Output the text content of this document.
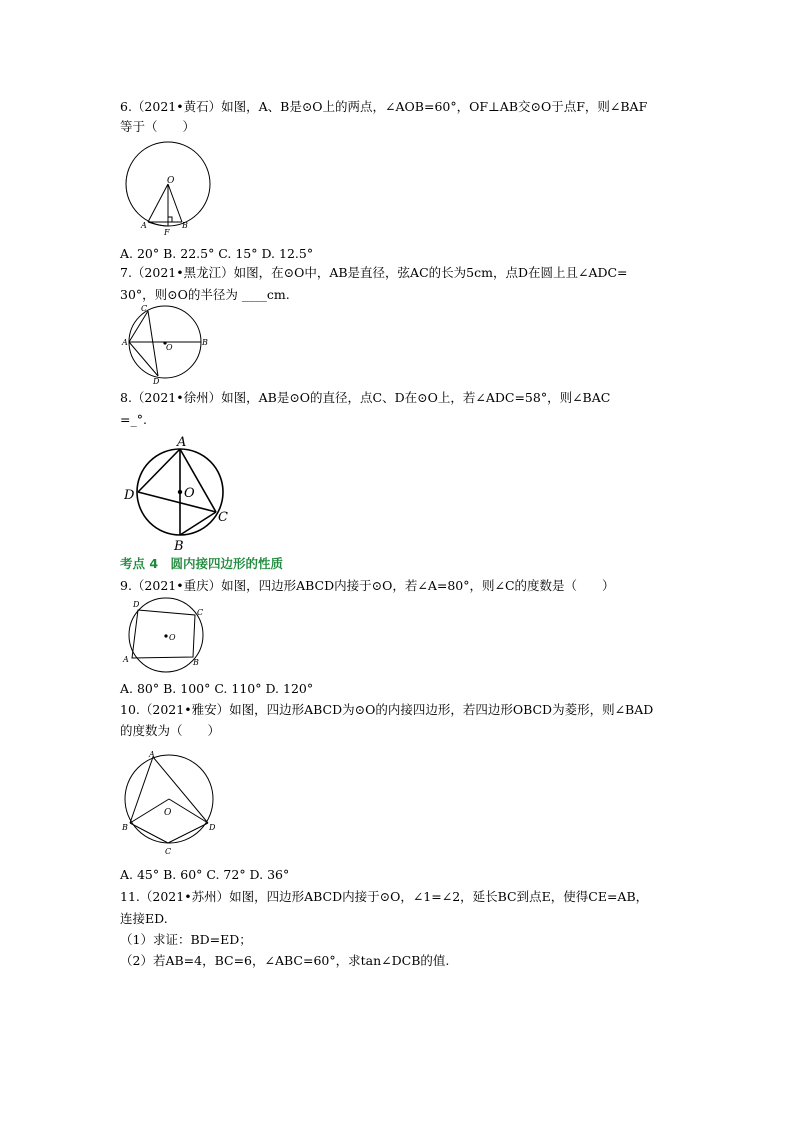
6.（2021•黄石）如图，A、B是⊙O上的两点，∠AOB=60°，OF⊥AB交⊙O于点F，则∠BAF
等于（　　）
O
A
F
B
A. 20° B. 22.5° C. 15° D. 12.5°
7.（2021•黑龙江）如图，在⊙O中，AB是直径，弦AC的长为5cm，点D在圆上且∠ADC=
30°，则⊙O的半径为 ____cm.
C
A
O
B
D
8.（2021•徐州）如图，AB是⊙O的直径，点C、D在⊙O上，若∠ADC=58°，则∠BAC
=_°.
A
D	O
C
B
考点 4　圆内接四边形的性质
9.（2021•重庆）如图，四边形ABCD内接于⊙O，若∠A=80°，则∠C的度数是（　　）
D
C
O
A	B
A. 80° B. 100° C. 110° D. 120°
10.（2021•雅安）如图，四边形ABCD为⊙O的内接四边形，若四边形OBCD为菱形，则∠BAD
的度数为（　　）
A
O
B	D
C
A. 45° B. 60° C. 72° D. 36°
11.（2021•苏州）如图，四边形ABCD内接于⊙O，∠1=∠2，延长BC到点E，使得CE=AB，
连接ED.
（1）求证：BD=ED；
（2）若AB=4，BC=6，∠ABC=60°，求tan∠DCB的值.
